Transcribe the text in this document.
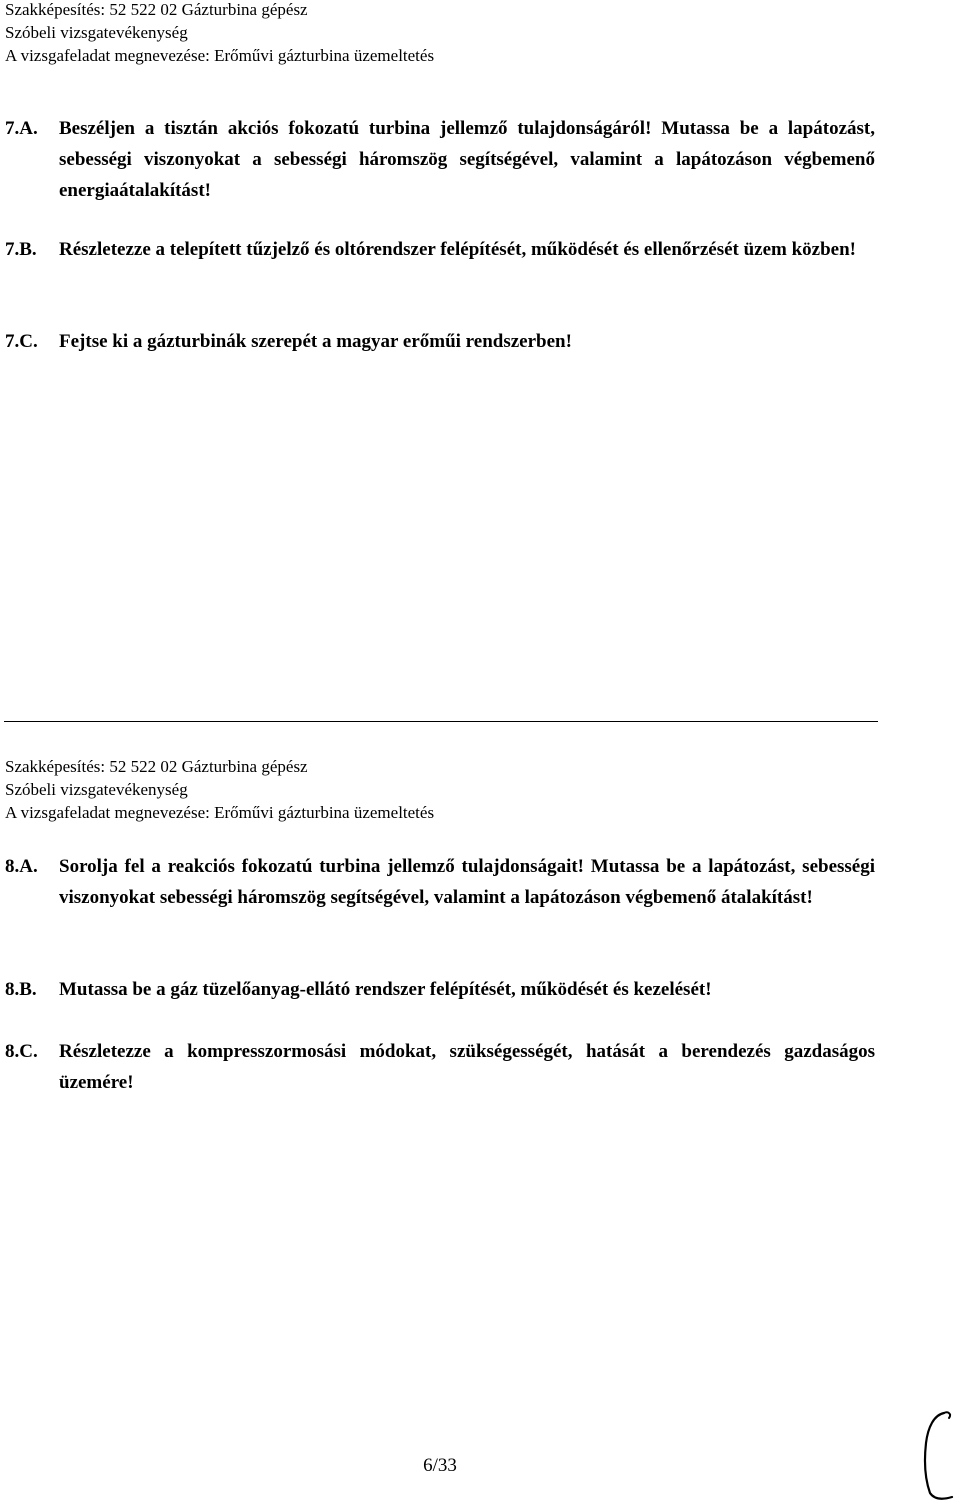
Szakképesítés: 52 522 02 Gázturbina gépész
Szóbeli vizsgatevékenység
A vizsgafeladat megnevezése: Erőművi gázturbina üzemeltetés
7.A.	Beszéljen a tisztán akciós fokozatú turbina jellemző tulajdonságáról! Mutassa be a lapátozást, sebességi viszonyokat a sebességi háromszög segítségével, valamint a lapátozáson végbemenő energiaátalakítást!
7.B.	Részletezze a telepített tűzjelző és oltórendszer felépítését, működését és ellenőrzését üzem közben!
7.C.	Fejtse ki a gázturbinák szerepét a magyar erőműi rendszerben!
Szakképesítés: 52 522 02 Gázturbina gépész
Szóbeli vizsgatevékenység
A vizsgafeladat megnevezése: Erőművi gázturbina üzemeltetés
8.A.	Sorolja fel a reakciós fokozatú turbina jellemző tulajdonságait! Mutassa be a lapátozást, sebességi viszonyokat sebességi háromszög segítségével, valamint a lapátozáson végbemenő átalakítást!
8.B.	Mutassa be a gáz tüzelőanyag-ellátó rendszer felépítését, működését és kezelését!
8.C.	Részletezze a kompresszormosási módokat, szükségességét, hatását a berendezés gazdaságos üzemére!
6/33
